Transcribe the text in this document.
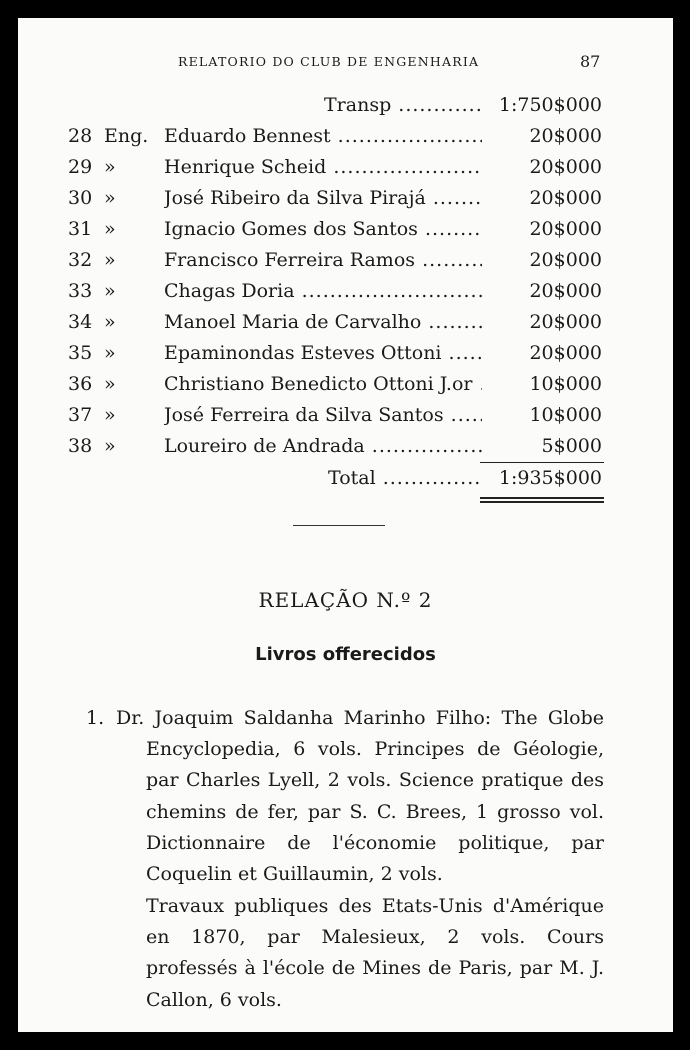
RELATORIO DO CLUB DE ENGENHARIA	87
Transp .....	1:750$000
28 Eng. Eduardo Bennest .....	20$000
29 »	Henrique Scheid .....	20$000
30 »	José Ribeiro da Silva Pirajá .....	20$000
31 »	Ignacio Gomes dos Santos .....	20$000
32 »	Francisco Ferreira Ramos .....	20$000
33 »	Chagas Doria .....	20$000
34 »	Manoel Maria de Carvalho .....	20$000
35 »	Epaminondas Esteves Ottoni .....	20$000
36 »	Christiano Benedicto Ottoni J.or .....	10$000
37 »	José Ferreira da Silva Santos .....	10$000
38 »	Loureiro de Andrada .....	5$000
Total .....	1:935$000
RELAÇÃO N.º 2
Livros offerecidos
1. Dr. Joaquim Saldanha Marinho Filho: The Globe Encyclopedia, 6 vols. Principes de Géologie, par Charles Lyell, 2 vols. Science pratique des chemins de fer, par S. C. Brees, 1 grosso vol. Dictionnaire de l'économie politique, par Coquelin et Guillaumin, 2 vols.
Travaux publiques des Etats-Unis d'Amérique en 1870, par Malesieux, 2 vols. Cours professés à l'école de Mines de Paris, par M. J. Callon, 6 vols.
